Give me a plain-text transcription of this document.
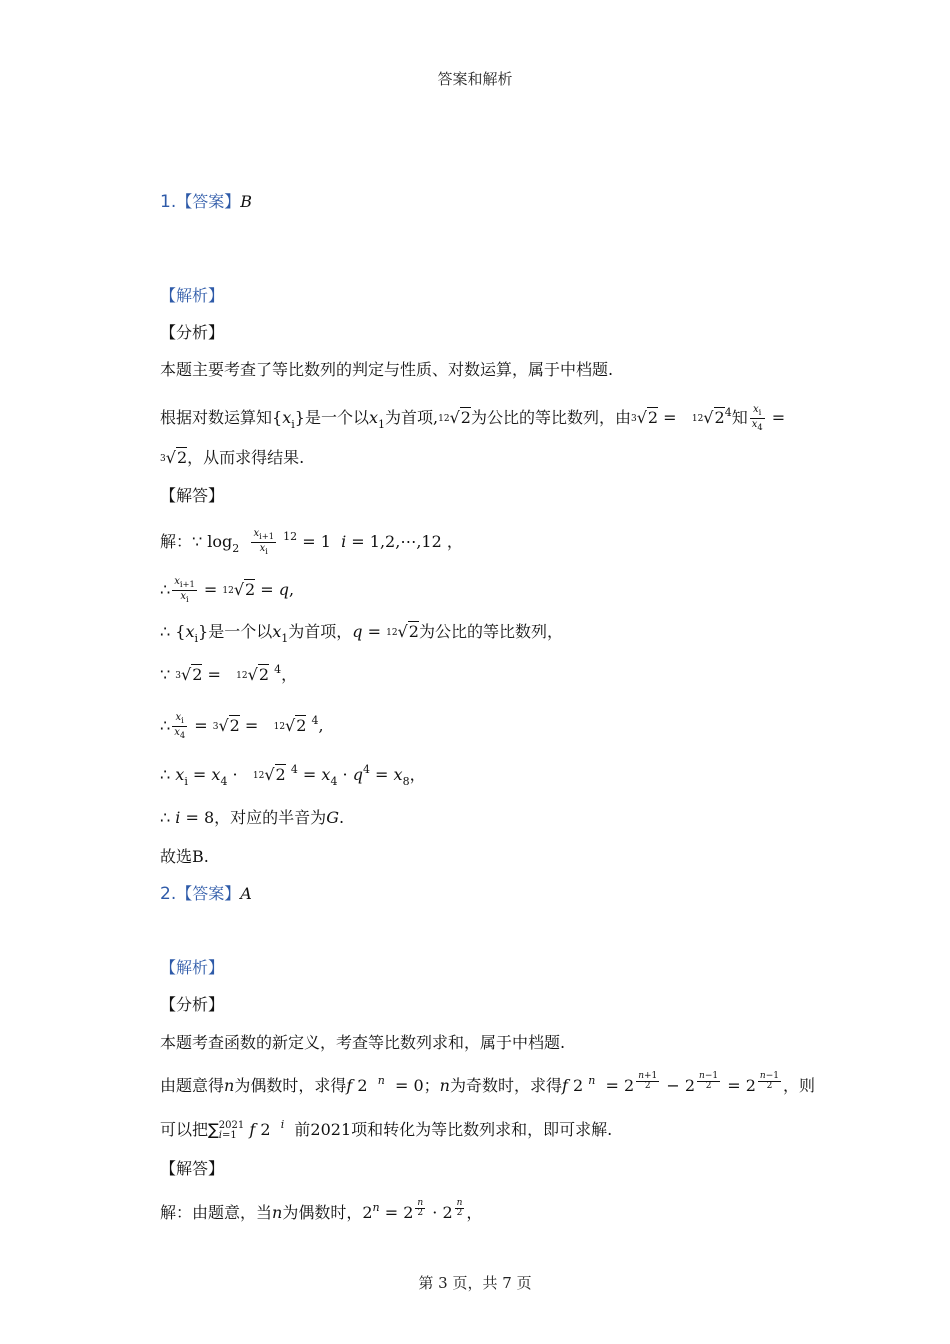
答案和解析
1.【答案】B
【解析】
【分析】
本题主要考查了等比数列的判定与性质、对数运算，属于中档题.
根据对数运算知$\{x_i\}$是一个以$x_1$为首项,12√2为公比的等比数列，由$3√2 = 12√2^4$知 $\frac{x_i}{x_4}$ =
3√2，从而求得结果.
【解答】
解：∵ $\log_2 \frac{x_{i+1}}{x_i} ^{12} = 1$  i = 1,2,⋯,12 ，
∴ $\frac{x_{i+1}}{x_i} = 12√2 = q$,
∴ $\{x_i\}$是一个以$x_1$为首项，q = 12√2为公比的等比数列，
∵ 3√2 =   12√2 $^4$，
∴ $\frac{x_i}{x_4} = 3√2 = 12√2$ $^4$,
∴ $x_i = x_4 \cdot 12√2$ $^4 = x_4 \cdot q^4 = x_8$，
∴ i = 8，对应的半音为G.
故选B.
2.【答案】A
【解析】
【分析】
本题考查函数的新定义，考查等比数列求和，属于中档题.
由题意得n为偶数时，求得f 2  $^n$  = 0；n为奇数时，求得f 2 $^n$  = 2 $^{\frac{n+1}{2}}$ − 2 $^{\frac{n-1}{2}}$ = 2 $^{\frac{n-1}{2}}$ ，则
可以把∑2021
i=1 f 2  $^i$ 前2021项和转化为等比数列求和，即可求解.
【解答】
解：由题意，当n为偶数时，$2^n = 2$ $^{\frac{n}{2}}$ · 2 $^{\frac{n}{2}}$ ，
第 3 页，共 7 页
